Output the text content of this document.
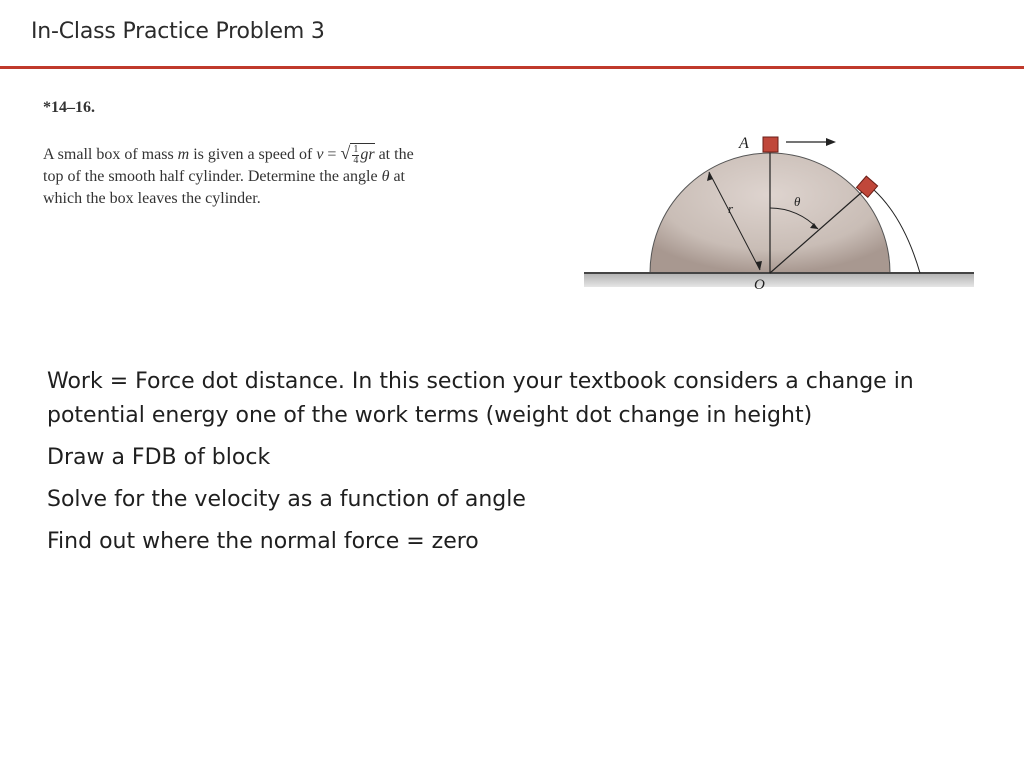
In-Class Practice Problem 3
*14–16.
A small box of mass m is given a speed of v = √ $\frac{1}{4}$ gr at the
top of the smooth half cylinder. Determine the angle θ at
which the box leaves the cylinder.
A
r	θ
O

Work = Force dot distance. In this section your textbook considers a change in potential energy one of the work terms (weight dot change in height)

Draw a FDB of block

Solve for the velocity as a function of angle

Find out where the normal force = zero
